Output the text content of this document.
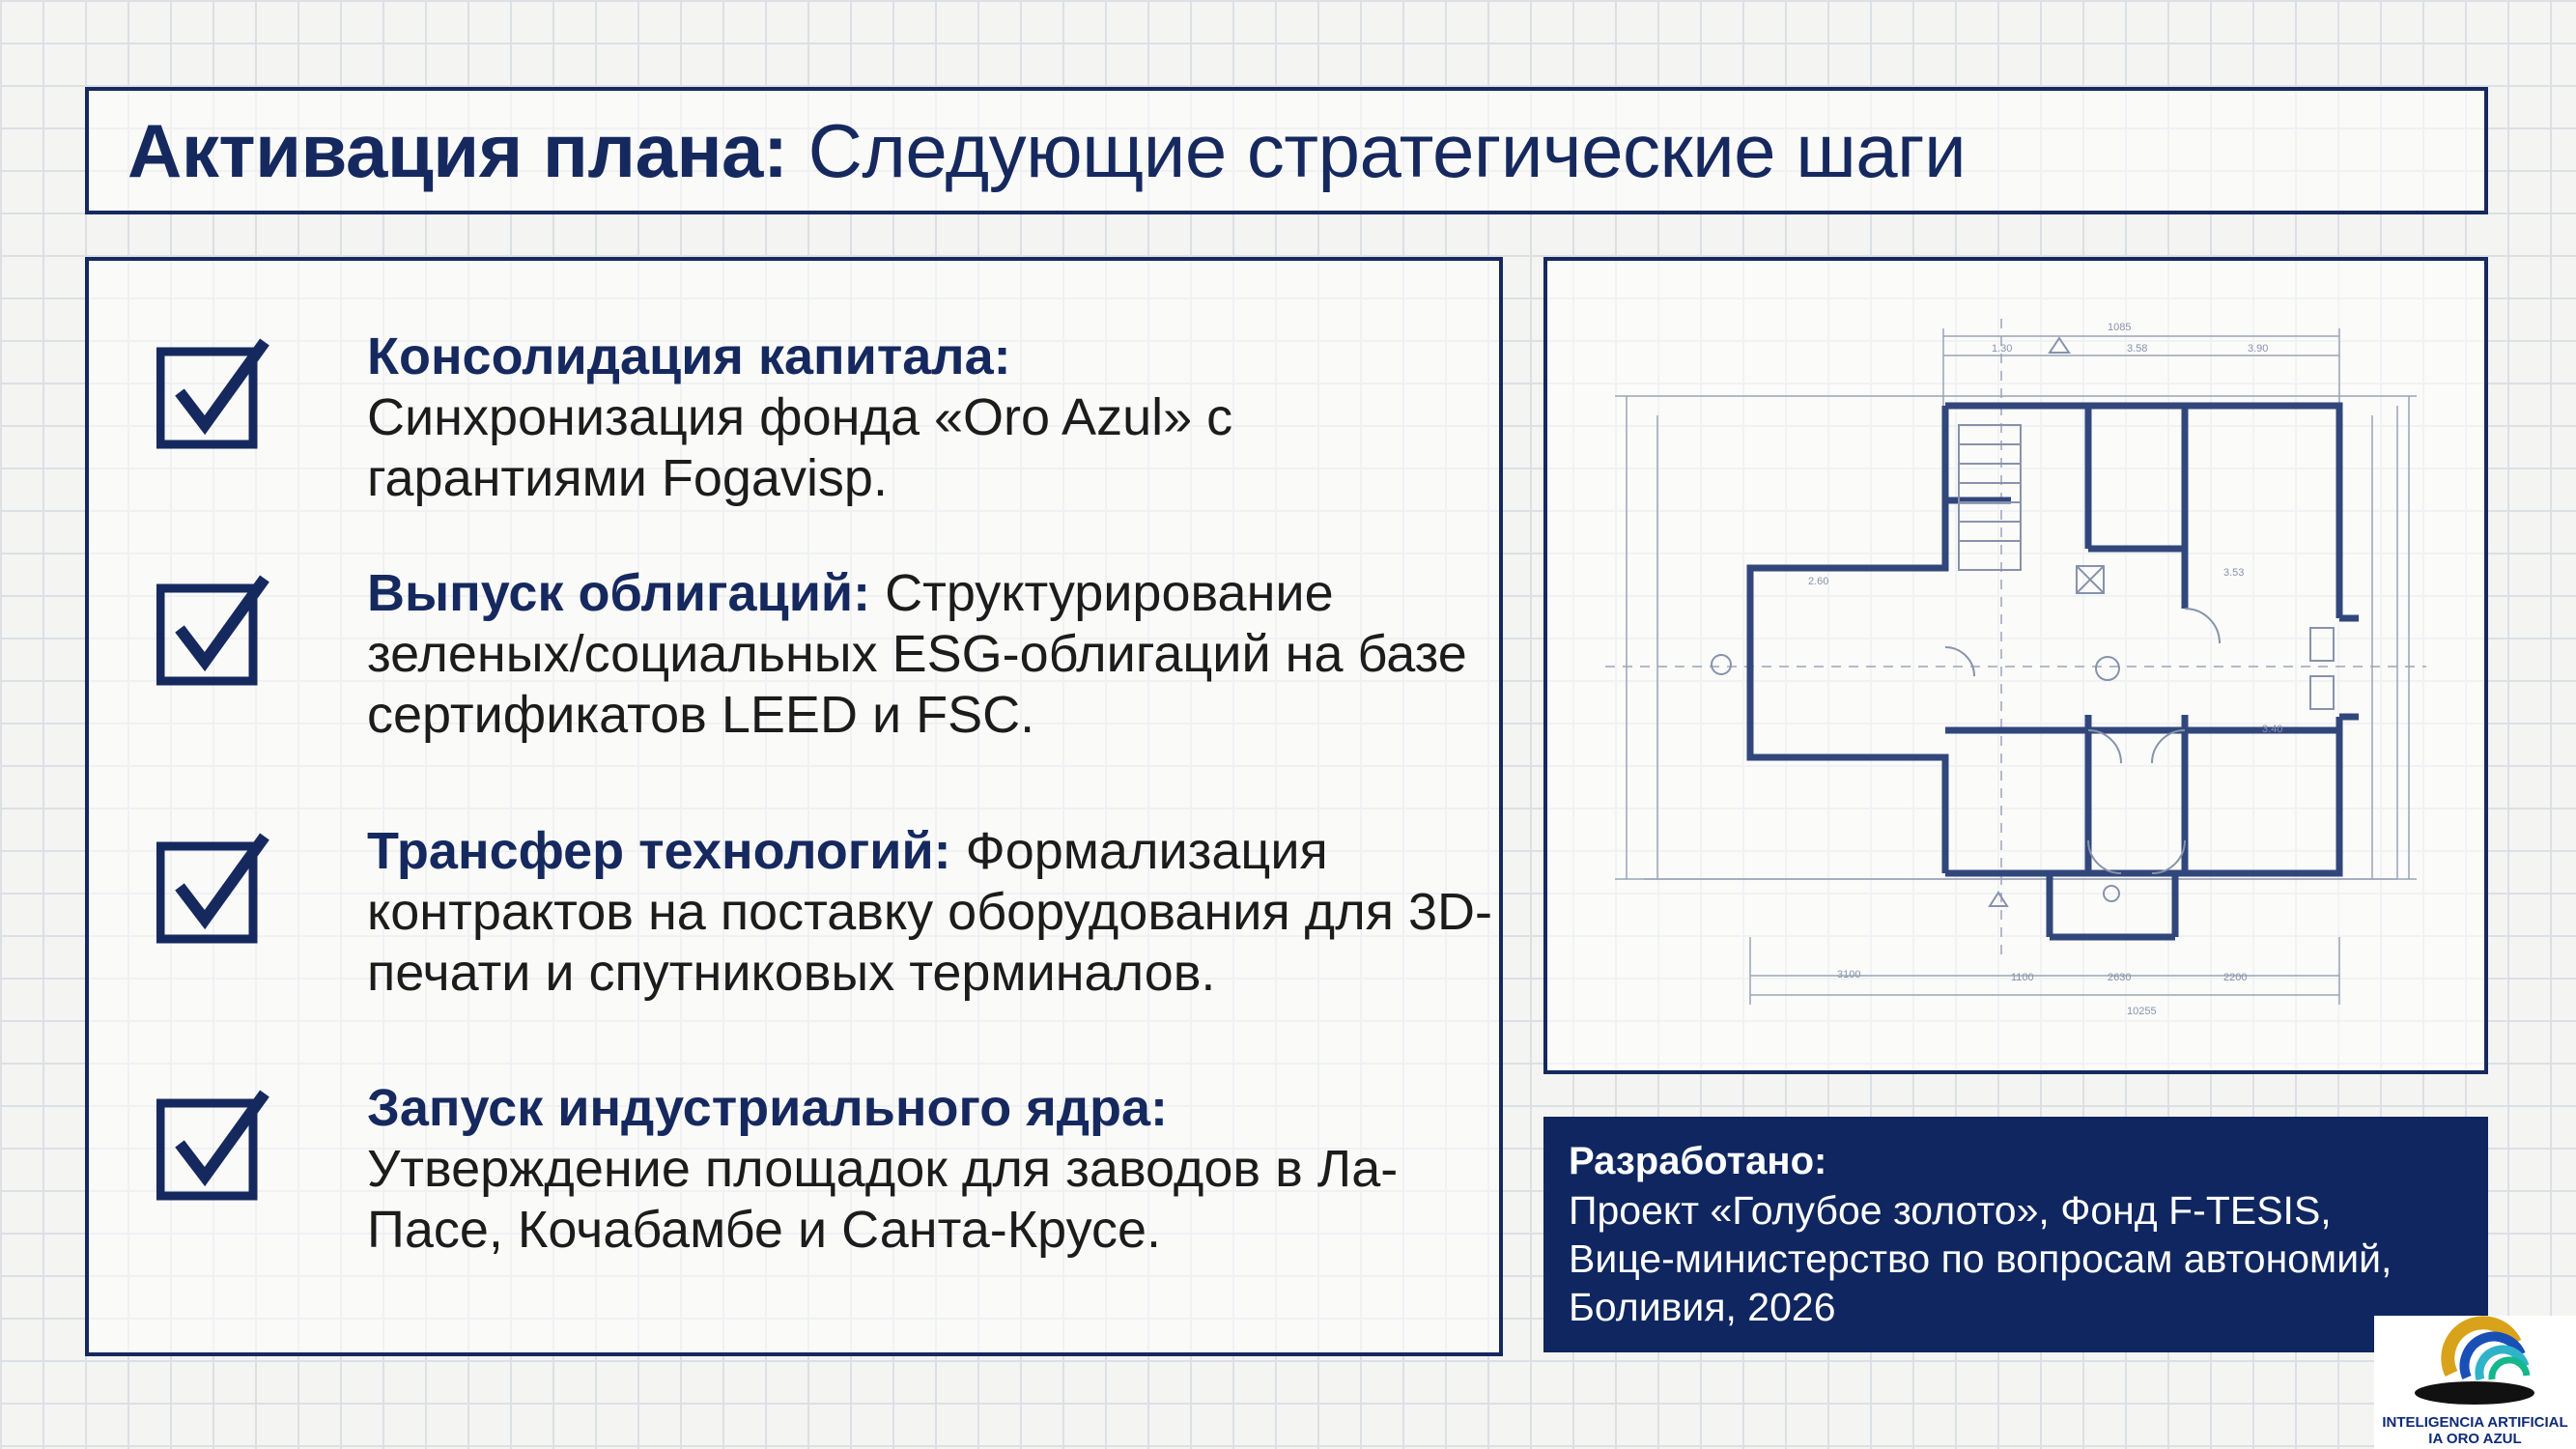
Активация плана: Следующие стратегические шаги
Консолидация капитала:
Синхронизация фонда «Oro Azul» с гарантиями Fogavisp.
Выпуск облигаций: Структурирование зеленых/социальных ESG-облигаций на базе сертификатов LEED и FSC.
Трансфер технологий: Формализация контрактов на поставку оборудования для 3D-печати и спутниковых терминалов.
Запуск индустриального ядра:
Утверждение площадок для заводов в Ла-Пасе, Кочабамбе и Санта-Крусе.
1085
1.30	3.58	3.90
2.60
3.53
3.40
1100	2630	2200
10255
3100
Разработано:
Проект «Голубое золото», Фонд F-TESIS,
Вице-министерство по вопросам автономий,
Боливия, 2026
INTELIGENCIA ARTIFICIAL
IA ORO AZUL
